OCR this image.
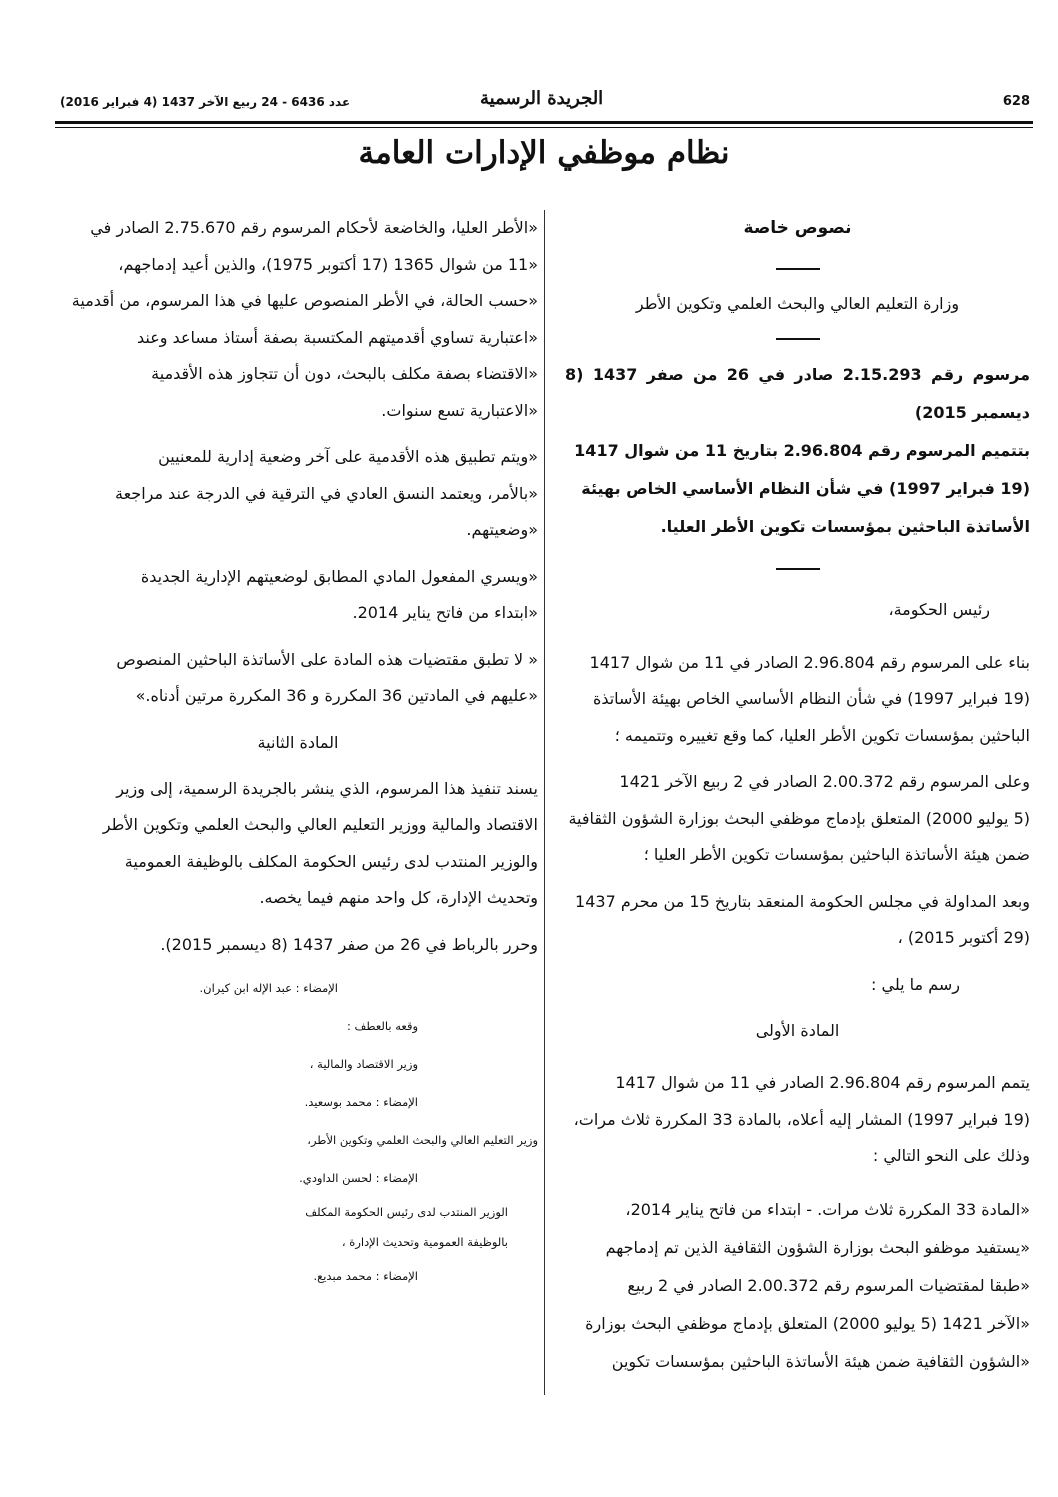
628
الجريدة الرسمية
عدد 6436 - 24 ربيع الآخر 1437 (4 فبراير 2016)
نظام موظفي الإدارات العامة

نصوص خاصة

وزارة التعليم العالي والبحث العلمي وتكوين الأطر

مرسوم رقم 2.15.293 صادر في 26 من صفر 1437 (8 ديسمبر 2015)

بتتميم المرسوم رقم 2.96.804 بتاريخ 11 من شوال 1417

(19 فبراير 1997) في شأن النظام الأساسي الخاص بهيئة

الأساتذة الباحثين بمؤسسات تكوين الأطر العليا.

رئيس الحكومة،

بناء على المرسوم رقم 2.96.804 الصادر في 11 من شوال 1417

(19 فبراير 1997) في شأن النظام الأساسي الخاص بهيئة الأساتذة

الباحثين بمؤسسات تكوين الأطر العليا، كما وقع تغييره وتتميمه ؛

وعلى المرسوم رقم 2.00.372 الصادر في 2 ربيع الآخر 1421

(5 يوليو 2000) المتعلق بإدماج موظفي البحث بوزارة الشؤون الثقافية

ضمن هيئة الأساتذة الباحثين بمؤسسات تكوين الأطر العليا ؛

وبعد المداولة في مجلس الحكومة المنعقد بتاريخ 15 من محرم 1437

(29 أكتوبر 2015) ،

رسم ما يلي :

المادة الأولى

يتمم المرسوم رقم 2.96.804 الصادر في 11 من شوال 1417

(19 فبراير 1997) المشار إليه أعلاه، بالمادة 33 المكررة ثلاث مرات،

وذلك على النحو التالي :

«المادة 33 المكررة ثلاث مرات. - ابتداء من فاتح يناير 2014،

«يستفيد موظفو البحث بوزارة الشؤون الثقافية الذين تم إدماجهم

«طبقا لمقتضيات المرسوم رقم 2.00.372 الصادر في 2 ربيع

«الآخر 1421 (5 يوليو 2000) المتعلق بإدماج موظفي البحث بوزارة

«الشؤون الثقافية ضمن هيئة الأساتذة الباحثين بمؤسسات تكوين

«الأطر العليا، والخاضعة لأحكام المرسوم رقم 2.75.670 الصادر في

«11 من شوال 1365 (17 أكتوبر 1975)، والذين أعيد إدماجهم،

«حسب الحالة، في الأطر المنصوص عليها في هذا المرسوم، من أقدمية

«اعتبارية تساوي أقدميتهم المكتسبة بصفة أستاذ مساعد وعند

«الاقتضاء بصفة مكلف بالبحث، دون أن تتجاوز هذه الأقدمية

«الاعتبارية تسع سنوات.

«ويتم تطبيق هذه الأقدمية على آخر وضعية إدارية للمعنيين

«بالأمر، ويعتمد النسق العادي في الترقية في الدرجة عند مراجعة

«وضعيتهم.

«ويسري المفعول المادي المطابق لوضعيتهم الإدارية الجديدة

«ابتداء من فاتح يناير 2014.

« لا تطبق مقتضيات هذه المادة على الأساتذة الباحثين المنصوص

«عليهم في المادتين 36 المكررة و 36 المكررة مرتين أدناه.»

المادة الثانية

يسند تنفيذ هذا المرسوم، الذي ينشر بالجريدة الرسمية، إلى وزير

الاقتصاد والمالية ووزير التعليم العالي والبحث العلمي وتكوين الأطر

والوزير المنتدب لدى رئيس الحكومة المكلف بالوظيفة العمومية

وتحديث الإدارة، كل واحد منهم فيما يخصه.

وحرر بالرباط في 26 من صفر 1437 (8 ديسمبر 2015).

الإمضاء : عبد الإله ابن كيران.

وقعه بالعطف :

وزير الاقتصاد والمالية ،

الإمضاء : محمد بوسعيد.

وزير التعليم العالي والبحث العلمي وتكوين الأطر،

الإمضاء : لحسن الداودي.

الوزير المنتدب لدى رئيس الحكومة المكلف

بالوظيفة العمومية وتحديث الإدارة ،

الإمضاء : محمد مبديع.
